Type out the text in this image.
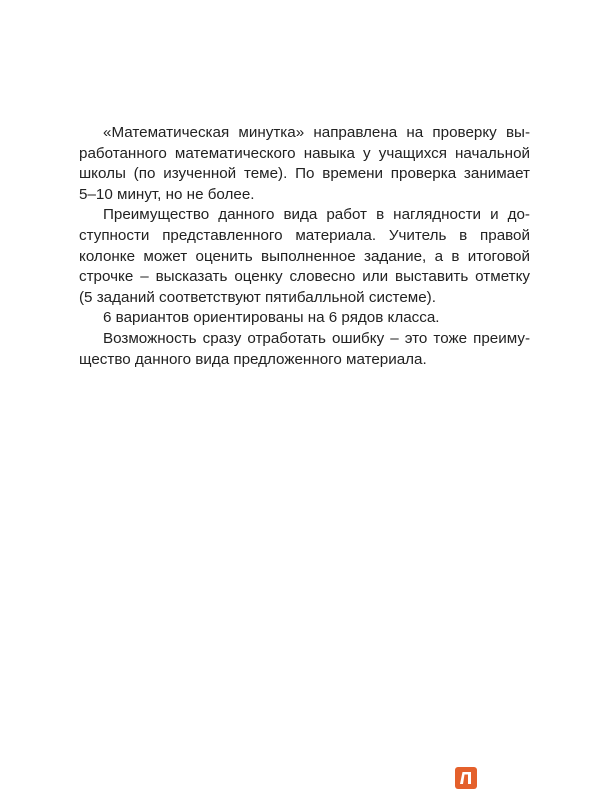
«Математическая минутка» направлена на проверку вы-
работанного математического навыка у учащихся начальной
школы (по изученной теме). По времени проверка занимает
5–10 минут, но не более.

Преимущество данного вида работ в наглядности и до-
ступности представленного материала. Учитель в правой
колонке может оценить выполненное задание, а в итоговой
строчке – высказать оценку словесно или выставить отметку
(5 заданий соответствуют пятибалльной системе).

6 вариантов ориентированы на 6 рядов класса.

Возможность сразу отработать ошибку – это тоже преиму-
щество данного вида предложенного материала.
